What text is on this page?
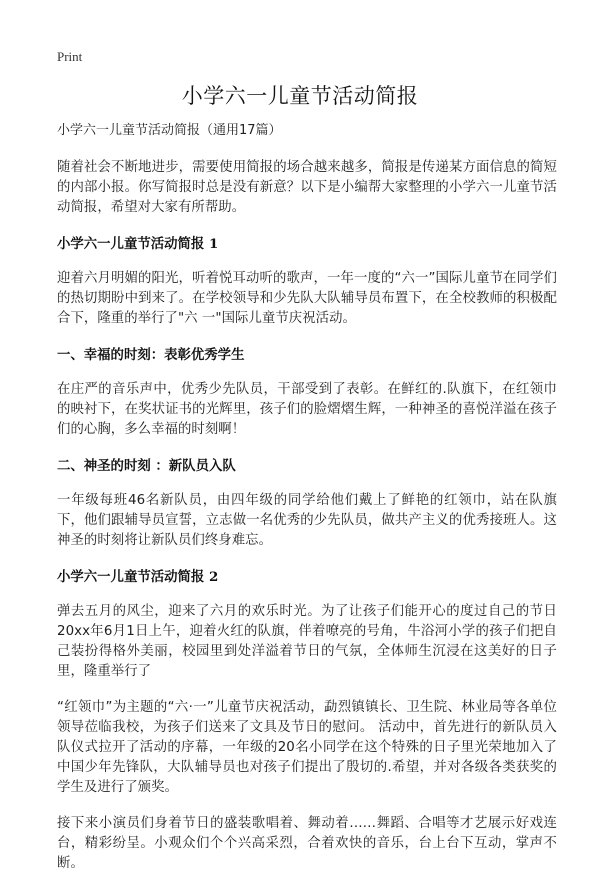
Print
小学六一儿童节活动简报

小学六一儿童节活动简报（通用17篇）

随着社会不断地进步，需要使用简报的场合越来越多，简报是传递某方面信息的简短的内部小报。你写简报时总是没有新意？以下是小编帮大家整理的小学六一儿童节活动简报，希望对大家有所帮助。

小学六一儿童节活动简报 1

迎着六月明媚的阳光，听着悦耳动听的歌声，一年一度的“六一”国际儿童节在同学们的热切期盼中到来了。在学校领导和少先队大队辅导员布置下，在全校教师的积极配合下，隆重的举行了"六 一"国际儿童节庆祝活动。

一、幸福的时刻：表彰优秀学生

在庄严的音乐声中，优秀少先队员，干部受到了表彰。在鲜红的.队旗下，在红领巾的映衬下，在奖状证书的光辉里，孩子们的脸熠熠生辉，一种神圣的喜悦洋溢在孩子们的心胸，多么幸福的时刻啊！

二、神圣的时刻 ：新队员入队

一年级每班46名新队员，由四年级的同学给他们戴上了鲜艳的红领巾，站在队旗下，他们跟辅导员宣誓，立志做一名优秀的少先队员，做共产主义的优秀接班人。这神圣的时刻将让新队员们终身难忘。

小学六一儿童节活动简报 2

弹去五月的风尘，迎来了六月的欢乐时光。为了让孩子们能开心的度过自己的节日20xx年6月1日上午，迎着火红的队旗，伴着嘹亮的号角，牛浴河小学的孩子们把自己装扮得格外美丽，校园里到处洋溢着节日的气氛，全体师生沉浸在这美好的日子里，隆重举行了

“红领巾”为主题的“六·一”儿童节庆祝活动，勐烈镇镇长、卫生院、林业局等各单位领导莅临我校，为孩子们送来了文具及节日的慰问。 活动中，首先进行的新队员入队仪式拉开了活动的序幕，一年级的20名小同学在这个特殊的日子里光荣地加入了中国少年先锋队，大队辅导员也对孩子们提出了殷切的.希望，并对各级各类获奖的学生及进行了颁奖。

接下来小演员们身着节日的盛装歌唱着、舞动着……舞蹈、合唱等才艺展示好戏连台，精彩纷呈。小观众们个个兴高采烈，合着欢快的音乐，台上台下互动，掌声不断。
